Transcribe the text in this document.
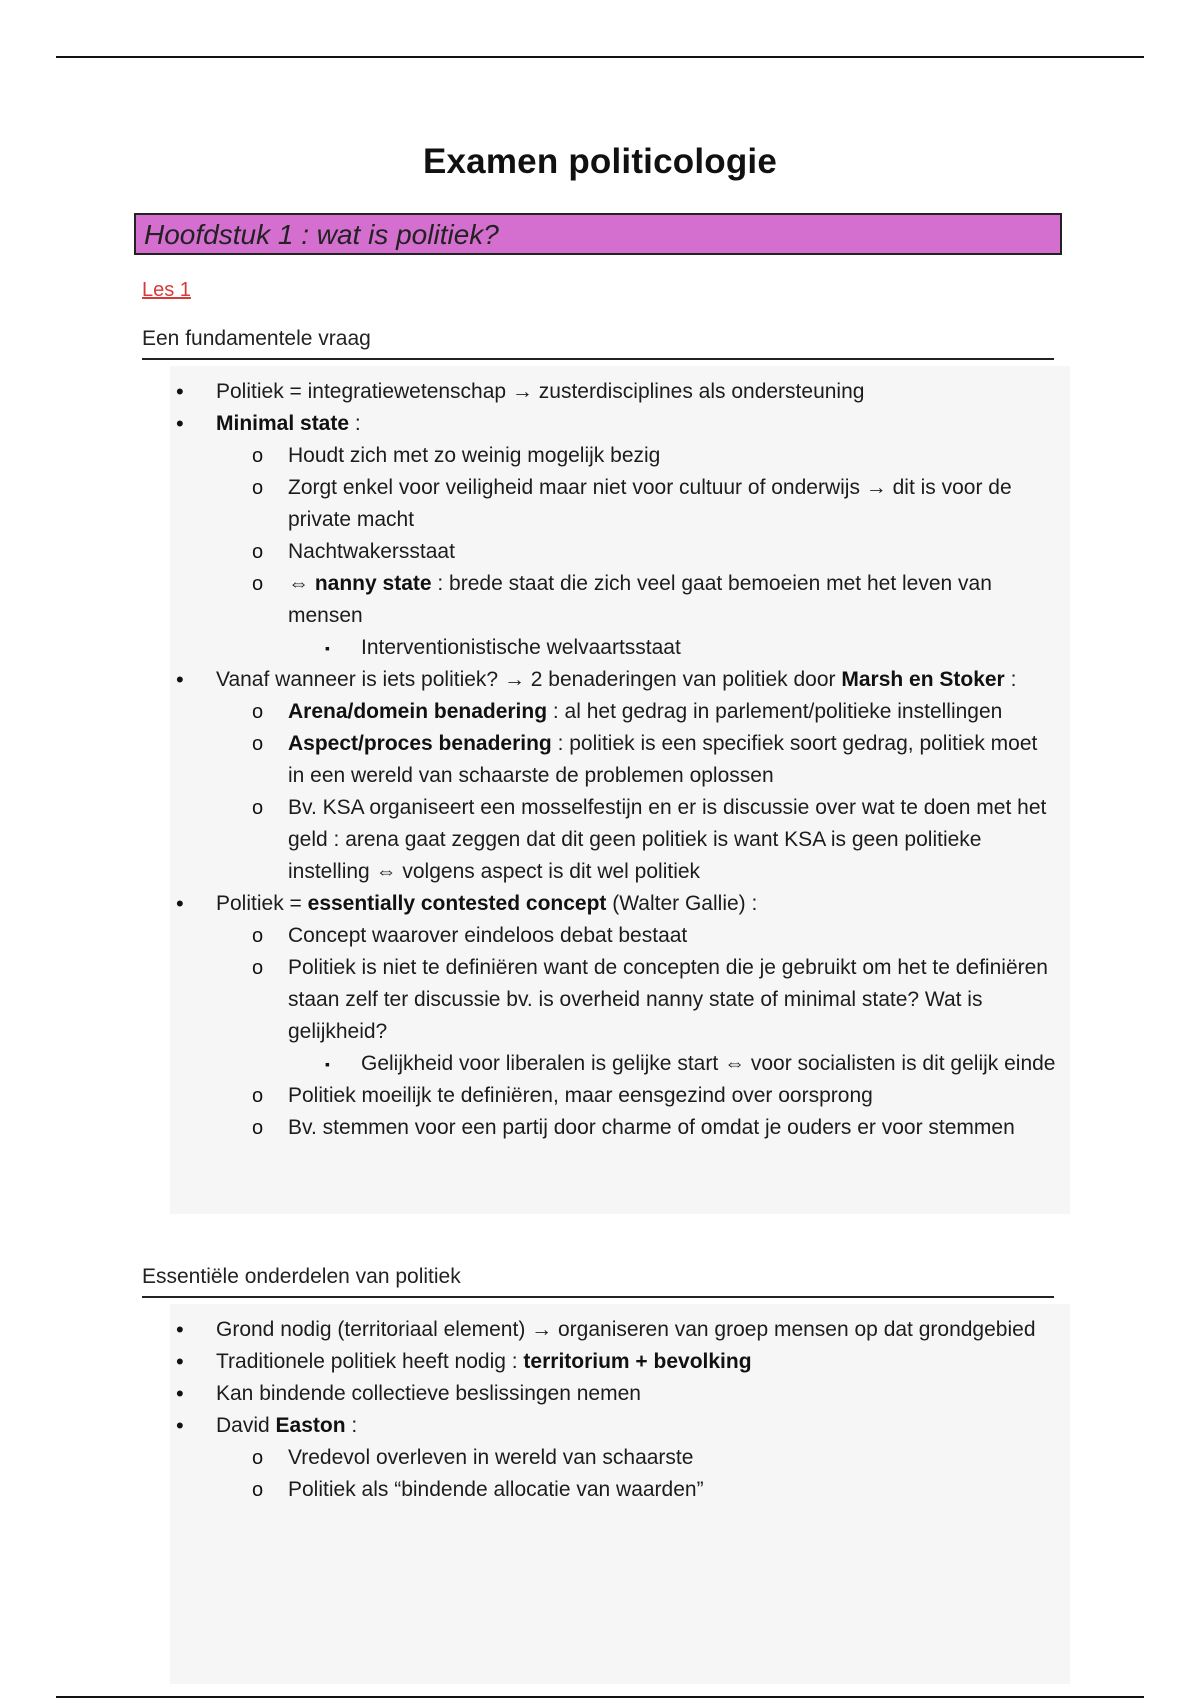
Examen politicologie
Hoofdstuk 1 : wat is politiek?
Les 1
Een fundamentele vraag
• Politiek = integratiewetenschap → zusterdisciplines als ondersteuning
• Minimal state :
o Houdt zich met zo weinig mogelijk bezig
o Zorgt enkel voor veiligheid maar niet voor cultuur of onderwijs → dit is voor de private macht
o Nachtwakersstaat
o ⇔ nanny state : brede staat die zich veel gaat bemoeien met het leven van mensen
▪ Interventionistische welvaartsstaat
• Vanaf wanneer is iets politiek? → 2 benaderingen van politiek door Marsh en Stoker :
o Arena/domein benadering : al het gedrag in parlement/politieke instellingen
o Aspect/proces benadering : politiek is een specifiek soort gedrag, politiek moet in een wereld van schaarste de problemen oplossen
o Bv. KSA organiseert een mosselfestijn en er is discussie over wat te doen met het geld : arena gaat zeggen dat dit geen politiek is want KSA is geen politieke instelling ⇔ volgens aspect is dit wel politiek
• Politiek = essentially contested concept (Walter Gallie) :
o Concept waarover eindeloos debat bestaat
o Politiek is niet te definiëren want de concepten die je gebruikt om het te definiëren staan zelf ter discussie bv. is overheid nanny state of minimal state? Wat is gelijkheid?
▪ Gelijkheid voor liberalen is gelijke start ⇔ voor socialisten is dit gelijk einde
o Politiek moeilijk te definiëren, maar eensgezind over oorsprong
o Bv. stemmen voor een partij door charme of omdat je ouders er voor stemmen
Essentiële onderdelen van politiek
• Grond nodig (territoriaal element) → organiseren van groep mensen op dat grondgebied
• Traditionele politiek heeft nodig : territorium + bevolking
• Kan bindende collectieve beslissingen nemen
• David Easton :
o Vredevol overleven in wereld van schaarste
o Politiek als “bindende allocatie van waarden”
